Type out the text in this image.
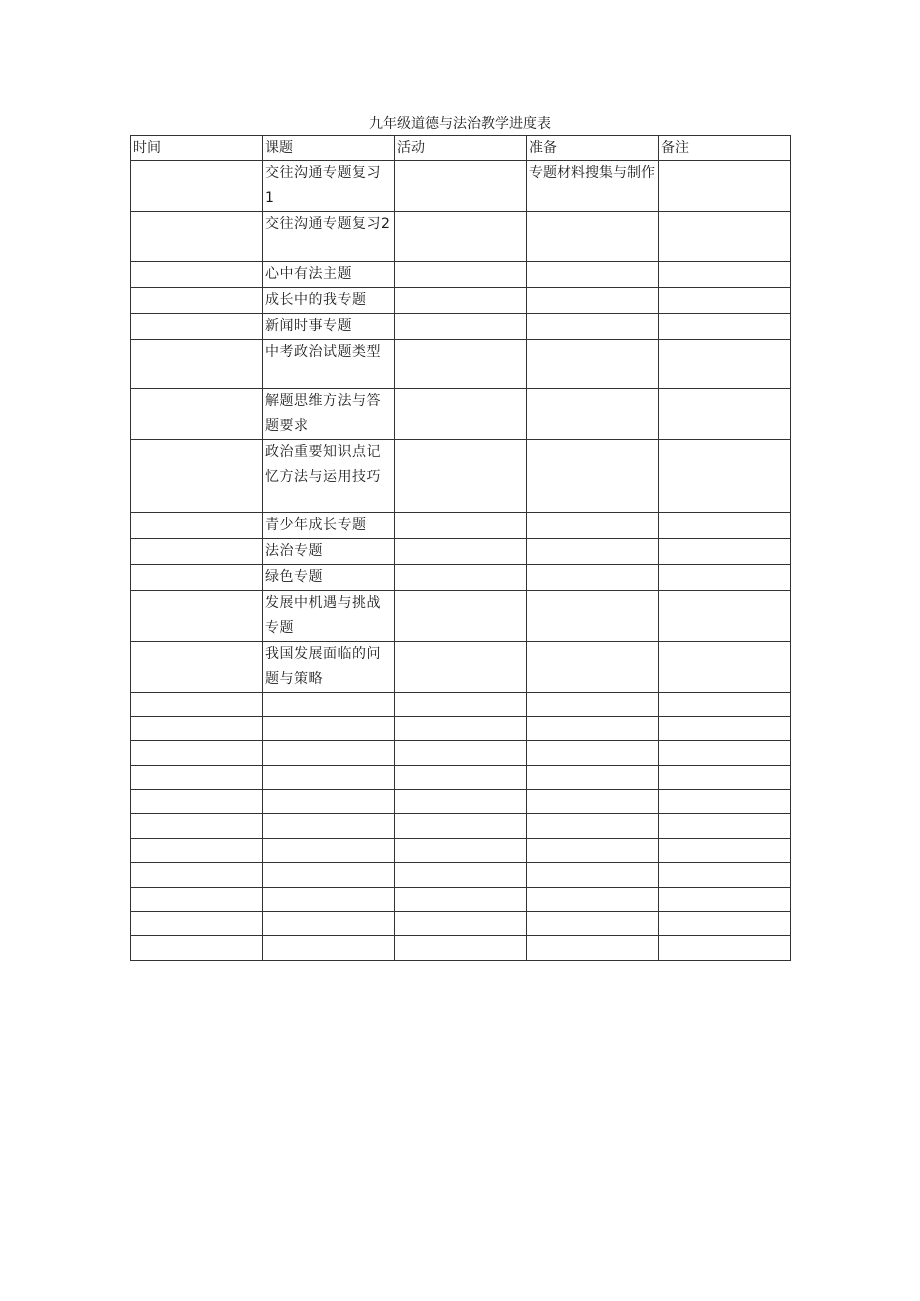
九年级道德与法治教学进度表
时间	课题	活动	准备	备注
	交往沟通专题复习 1		专题材料搜集与制作	
	交往沟通专题复习2			
	心中有法主题			
	成长中的我专题			
	新闻时事专题			
	中考政治试题类型			
	解题思维方法与答题要求			
	政治重要知识点记忆方法与运用技巧			
	青少年成长专题			
	法治专题			
	绿色专题			
	发展中机遇与挑战专题			
	我国发展面临的问题与策略			
